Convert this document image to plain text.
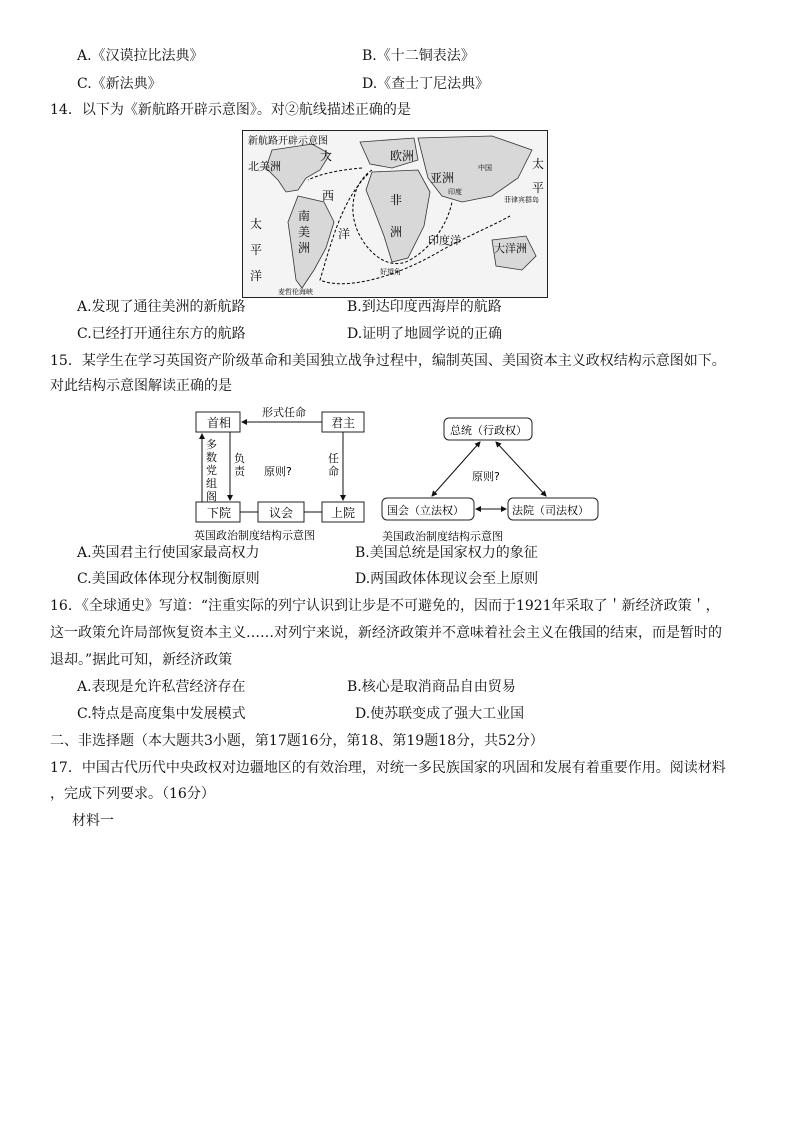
A.《汉谟拉比法典》	B.《十二铜表法》
C.《新法典》	D.《查士丁尼法典》
14．以下为《新航路开辟示意图》。对②航线描述正确的是
新航路开辟示意图
北美洲
大
西
洋
欧洲
亚洲
非
洲
南
美
洲
太
平
洋
太
平
印度洋
大洋洲
中国
印度
好望角
麦哲伦海峡
菲律宾群岛
A.发现了通往美洲的新航路	B.到达印度西海岸的航路
C.已经打开通往东方的航路	D.证明了地圆学说的正确
15．某学生在学习英国资产阶级革命和美国独立战争过程中，编制英国、美国资本主义政权结构示意图如下。
对此结构示意图解读正确的是
首相	君主
形式任命
下院	议会	上院
原则?
多
数
党
组
阁
负
责
任
命
英国政治制度结构示意图
总统（行政权）
国会（立法权）	法院（司法权）
原则?
美国政治制度结构示意图
A.英国君主行使国家最高权力	B.美国总统是国家权力的象征
C.美国政体体现分权制衡原则	D.两国政体体现议会至上原则
16．《全球通史》写道：“注重实际的列宁认识到让步是不可避免的，因而于1921年采取了＇新经济政策＇，
这一政策允许局部恢复资本主义……对列宁来说，新经济政策并不意味着社会主义在俄国的结束，而是暂时的
退却。”据此可知，新经济政策
A.表现是允许私营经济存在	B.核心是取消商品自由贸易
C.特点是高度集中发展模式	D.使苏联变成了强大工业国
二、非选择题（本大题共3小题，第17题16分，第18、第19题18分，共52分）
17．中国古代历代中央政权对边疆地区的有效治理，对统一多民族国家的巩固和发展有着重要作用。阅读材料
，完成下列要求。（16分）
材料一
